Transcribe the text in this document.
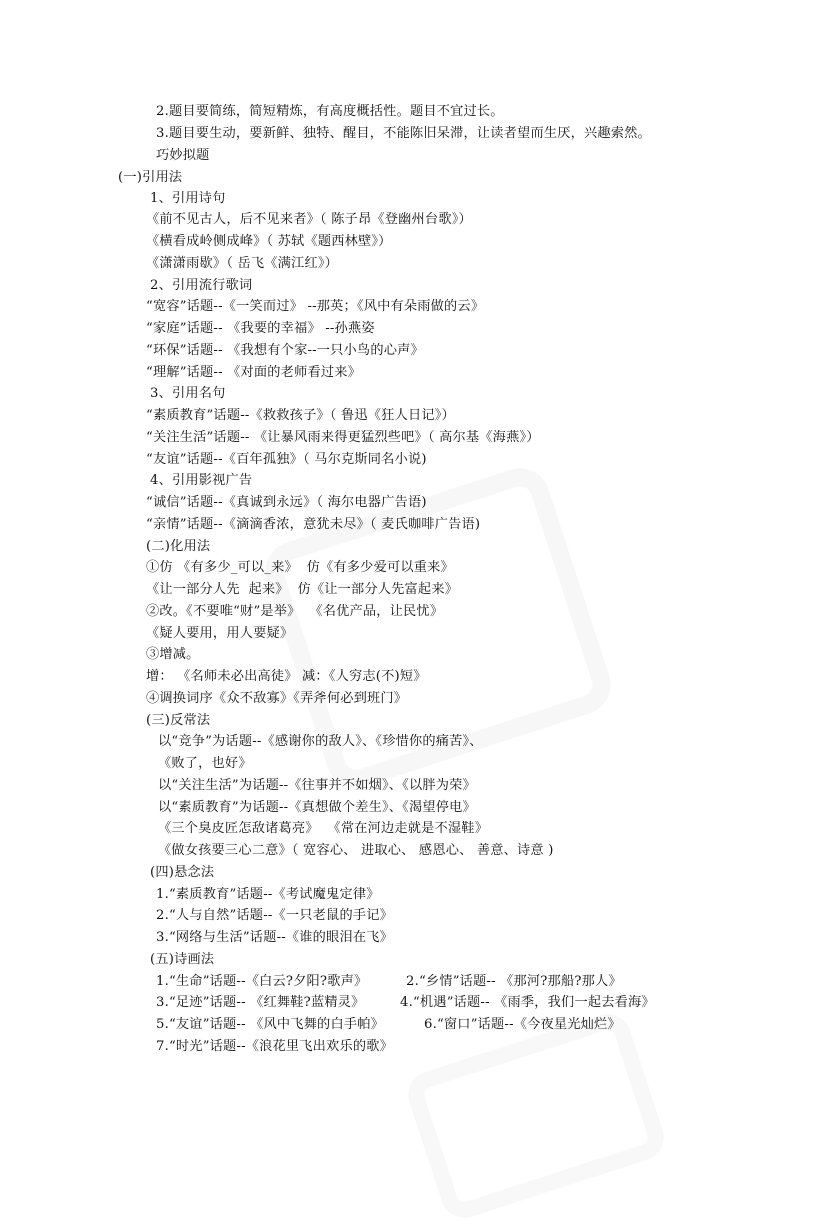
2.题目要简练，简短精炼，有高度概括性。题目不宜过长。
3.题目要生动，要新鲜、独特、醒目，不能陈旧呆滞，让读者望而生厌，兴趣索然。
巧妙拟题
(一)引用法
1、引用诗句
《前不见古人，后不见来者》（ 陈子昂《登幽州台歌》）
《横看成岭侧成峰》（ 苏轼《题西林壁》）
《潇潇雨歇》（ 岳飞《满江红》）
2、引用流行歌词
“宽容”话题--《一笑而过》 --那英；《风中有朵雨做的云》
“家庭”话题-- 《我要的幸福》 --孙燕姿
“环保”话题-- 《我想有个家--一只小鸟的心声》
“理解”话题-- 《对面的老师看过来》
3、引用名句
“素质教育”话题--《救救孩子》（ 鲁迅《狂人日记》）
“关注生活”话题-- 《让暴风雨来得更猛烈些吧》（ 高尔基《海燕》）
“友谊”话题--《百年孤独》（ 马尔克斯同名小说)
4、引用影视广告
“诚信”话题--《真诚到永远》（ 海尔电器广告语)
“亲情”话题--《滴滴香浓，意犹未尽》（ 麦氏咖啡广告语)
(二)化用法
①仿 《有多少_可以_来》  仿《有多少爱可以重来》
《让一部分人先  起来》  仿《让一部分人先富起来》
②改。《不要唯“财”是举》  《名优产品，让民忧》
《疑人要用，用人要疑》
③增减。
增： 《名师未必出高徒》 减：《人穷志(不)短》
④调换词序《众不敌寡》《弄斧何必到班门》
(三)反常法
以“竞争”为话题--《感谢你的敌人》、《珍惜你的痛苦》、
《败了，也好》
以“关注生活”为话题--《往事并不如烟》、《以胖为荣》
以“素质教育”为话题--《真想做个差生》、《渴望停电》
《三个臭皮匠怎敌诸葛亮》  《常在河边走就是不湿鞋》
《做女孩要三心二意》（ 宽容心、 进取心、 感恩心、 善意、诗意 )
(四)悬念法
1.“素质教育”话题--《考试魔鬼定律》
2.“人与自然”话题--《一只老鼠的手记》
3.“网络与生活”话题--《谁的眼泪在飞》
(五)诗画法
1.“生命”话题--《白云?夕阳?歌声》	2.“乡情”话题-- 《那河?那船?那人》
3.“足迹”话题-- 《红舞鞋?蓝精灵》	4.“机遇”话题-- 《雨季，我们一起去看海》
5.“友谊”话题-- 《风中飞舞的白手帕》	6.“窗口”话题--《今夜星光灿烂》
7.“时光”话题--《浪花里飞出欢乐的歌》
